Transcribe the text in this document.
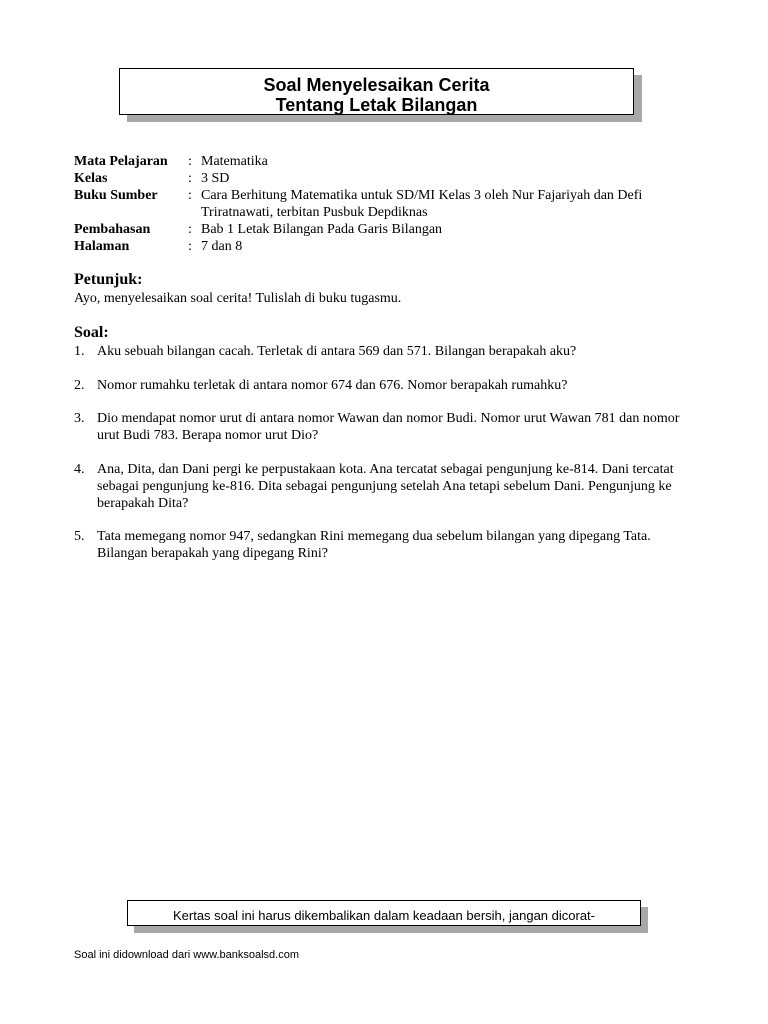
Soal Menyelesaikan Cerita
Tentang Letak Bilangan
Mata Pelajaran	: Matematika
Kelas	: 3 SD
Buku Sumber	: Cara Berhitung Matematika untuk SD/MI Kelas 3 oleh Nur Fajariyah dan Defi Triratnawati, terbitan Pusbuk Depdiknas
Pembahasan	: Bab 1 Letak Bilangan Pada Garis Bilangan
Halaman	: 7 dan 8
Petunjuk:
Ayo, menyelesaikan soal cerita! Tulislah di buku tugasmu.
Soal:
1. Aku sebuah bilangan cacah. Terletak di antara 569 dan 571. Bilangan berapakah aku?
2. Nomor rumahku terletak di antara nomor 674 dan 676. Nomor berapakah rumahku?
3. Dio mendapat nomor urut di antara nomor Wawan dan nomor Budi. Nomor urut Wawan 781 dan nomor urut Budi 783. Berapa nomor urut Dio?
4. Ana, Dita, dan Dani pergi ke perpustakaan kota. Ana tercatat sebagai pengunjung ke-814. Dani tercatat sebagai pengunjung ke-816. Dita sebagai pengunjung setelah Ana tetapi sebelum Dani. Pengunjung ke berapakah Dita?
5. Tata memegang nomor 947, sedangkan Rini memegang dua sebelum bilangan yang dipegang Tata. Bilangan berapakah yang dipegang Rini?
Kertas soal ini harus dikembalikan dalam keadaan bersih, jangan dicorat-
Soal ini didownload dari www.banksoalsd.com
